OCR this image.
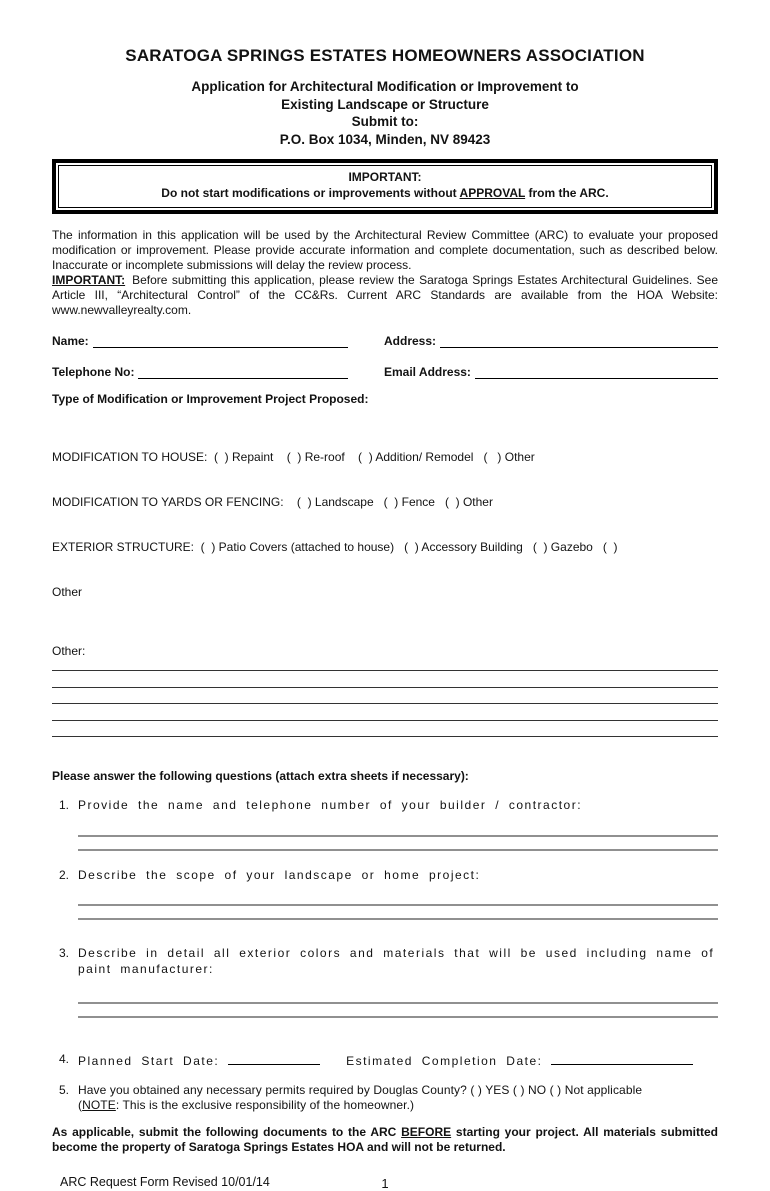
SARATOGA SPRINGS ESTATES HOMEOWNERS ASSOCIATION
Application for Architectural Modification or Improvement to
Existing Landscape or Structure
Submit to:
P.O. Box 1034, Minden, NV 89423
IMPORTANT:
Do not start modifications or improvements without APPROVAL from the ARC.

The information in this application will be used by the Architectural Review Committee (ARC) to evaluate your proposed modification or improvement. Please provide accurate information and complete documentation, such as described below. Inaccurate or incomplete submissions will delay the review process.

IMPORTANT: Before submitting this application, please review the Saratoga Springs Estates Architectural Guidelines. See Article III, “Architectural Control” of the CC&Rs. Current ARC Standards are available from the HOA Website: www.newvalleyrealty.com.

Name:	Address:
Telephone No:	Email Address:
Type of Modification or Improvement Project Proposed:

MODIFICATION TO HOUSE:  (  ) Repaint    (  ) Re-roof    (  ) Addition/ Remodel   (   ) Other

MODIFICATION TO YARDS OR FENCING:    (  ) Landscape   (  ) Fence   (  ) Other

EXTERIOR STRUCTURE:  (  ) Patio Covers (attached to house)   (  ) Accessory Building   (  ) Gazebo   (  )

Other

Other:
Please answer the following questions (attach extra sheets if necessary):
1. Provide the name and telephone number of your builder / contractor:
2. Describe the scope of your landscape or home project:
3. Describe in detail all exterior colors and materials that will be used including name of paint manufacturer:
4. Planned Start Date:	Estimated Completion Date:
5. Have you obtained any necessary permits required by Douglas County? ( ) YES ( ) NO ( ) Not applicable
(NOTE: This is the exclusive responsibility of the homeowner.)

As applicable, submit the following documents to the ARC BEFORE starting your project. All materials submitted become the property of Saratoga Springs Estates HOA and will not be returned.

ARC Request Form Revised 10/01/14	1
